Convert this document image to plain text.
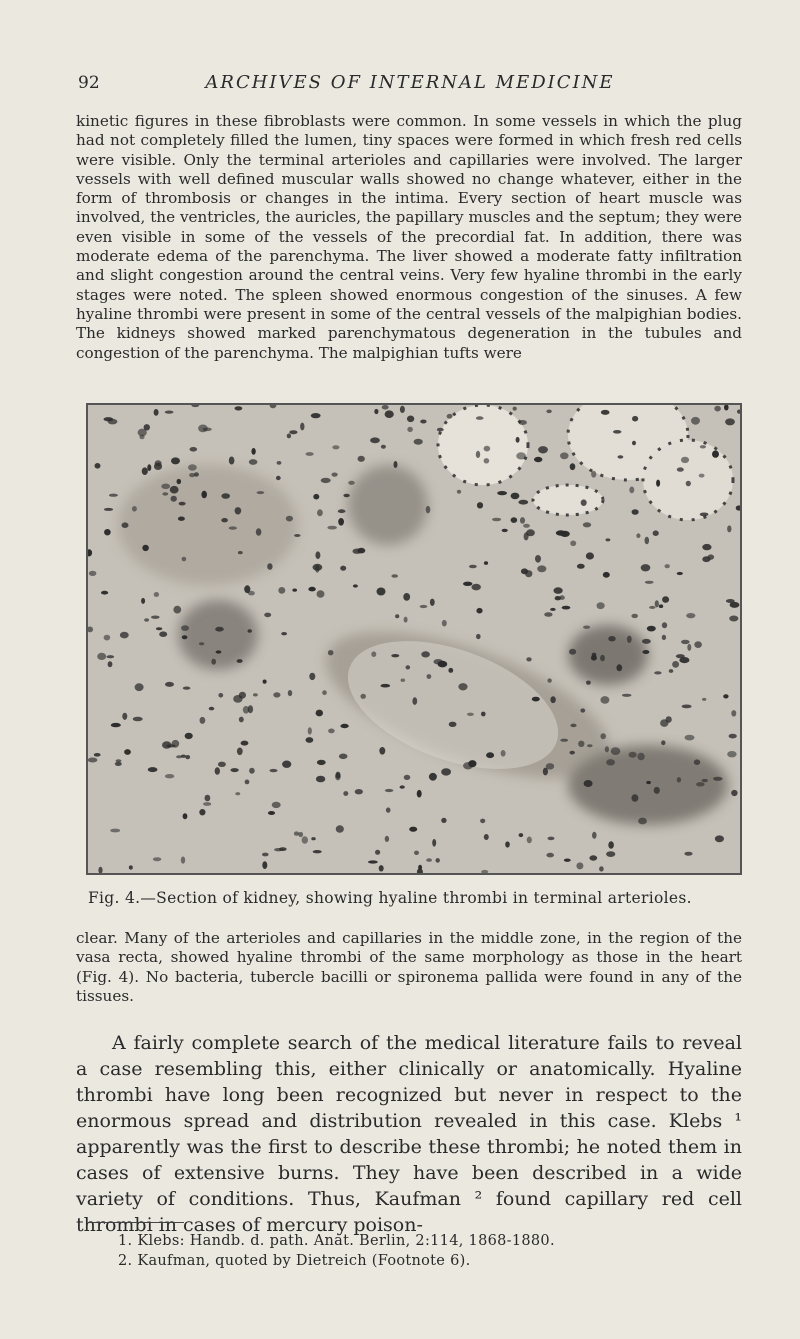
92	ARCHIVES OF INTERNAL MEDICINE

kinetic figures in these fibroblasts were common. In some vessels in which the plug had not completely filled the lumen, tiny spaces were formed in which fresh red cells were visible. Only the terminal arterioles and capillaries were involved. The larger vessels with well defined muscular walls showed no change whatever, either in the form of thrombosis or changes in the intima. Every section of heart muscle was involved, the ventricles, the auricles, the papillary muscles and the septum; they were even visible in some of the vessels of the precordial fat. In addition, there was moderate edema of the parenchyma. The liver showed a moderate fatty infiltration and slight congestion around the central veins. Very few hyaline thrombi in the early stages were noted. The spleen showed enormous congestion of the sinuses. A few hyaline thrombi were present in some of the central vessels of the malpighian bodies. The kidneys showed marked parenchymatous degeneration in the tubules and congestion of the parenchyma. The malpighian tufts were

Fig. 4.—Section of kidney, showing hyaline thrombi in terminal arterioles.

clear. Many of the arterioles and capillaries in the middle zone, in the region of the vasa recta, showed hyaline thrombi of the same morphology as those in the heart (Fig. 4). No bacteria, tubercle bacilli or spironema pallida were found in any of the tissues.

A fairly complete search of the medical literature fails to reveal a case resembling this, either clinically or anatomically. Hyaline thrombi have long been recognized but never in respect to the enormous spread and distribution revealed in this case. Klebs ¹ apparently was the first to describe these thrombi; he noted them in cases of extensive burns. They have been described in a wide variety of conditions. Thus, Kaufman ² found capillary red cell thrombi in cases of mercury poison-

1. Klebs: Handb. d. path. Anat. Berlin, 2:114, 1868-1880.
2. Kaufman, quoted by Dietreich (Footnote 6).
